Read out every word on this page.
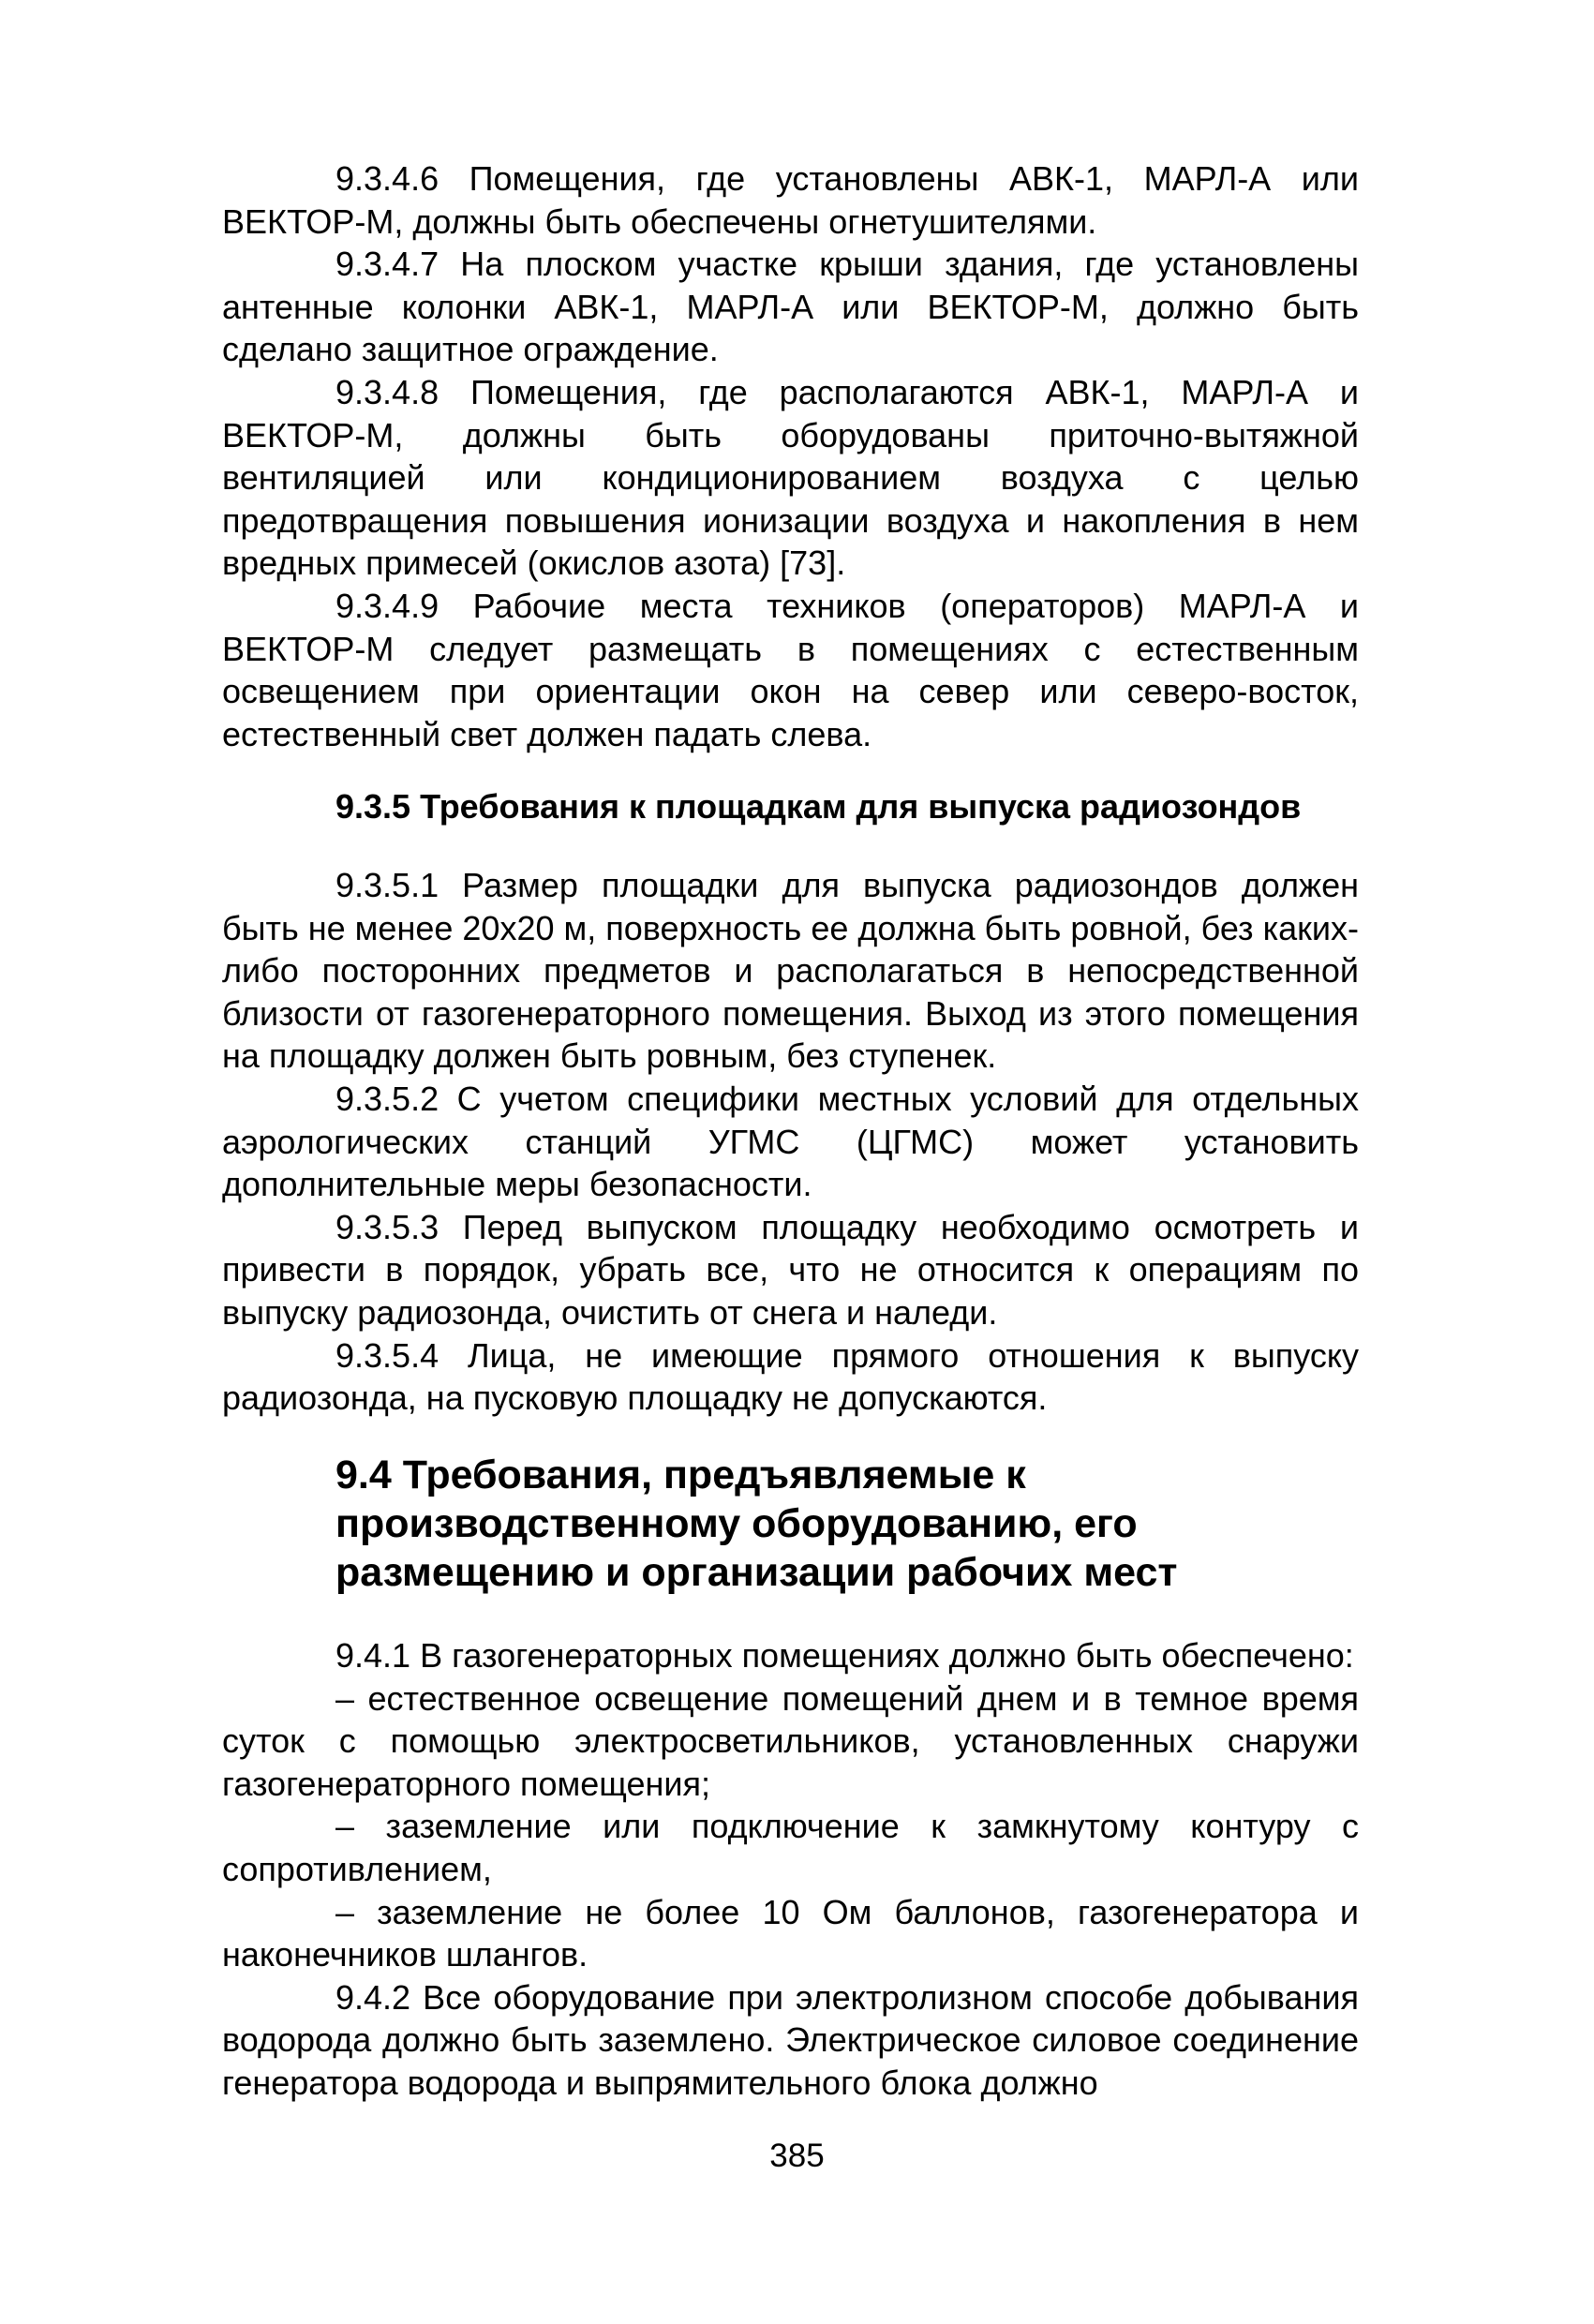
9.3.4.6 Помещения, где установлены АВК-1, МАРЛ-А или ВЕКТОР-М, должны быть обеспечены огнетушителями.

9.3.4.7 На плоском участке крыши здания, где установлены антенные колонки АВК-1, МАРЛ-А или ВЕКТОР-М, должно быть сделано защитное ограждение.

9.3.4.8 Помещения, где располагаются АВК-1, МАРЛ-А и ВЕКТОР-М, должны быть оборудованы приточно-вытяжной вентиляцией или кондиционированием воздуха с целью предотвращения повышения ионизации воздуха и накопления в нем вредных примесей (окислов азота) [73].

9.3.4.9 Рабочие места техников (операторов) МАРЛ-А и ВЕКТОР-М следует размещать в помещениях с естественным освещением при ориентации окон на север или северо-восток, естественный свет должен падать слева.

9.3.5 Требования к площадкам для выпуска радиозондов

9.3.5.1 Размер площадки для выпуска радиозондов должен быть не менее 20х20 м, поверхность ее должна быть ровной, без каких-либо посторонних предметов и располагаться в непосредственной близости от газогенераторного помещения. Выход из этого помещения на площадку должен быть ровным, без ступенек.

9.3.5.2 С учетом специфики местных условий для отдельных аэрологических станций УГМС (ЦГМС) может установить дополнительные меры безопасности.

9.3.5.3 Перед выпуском площадку необходимо осмотреть и привести в порядок, убрать все, что не относится к операциям по выпуску радиозонда, очистить от снега и наледи.

9.3.5.4 Лица, не имеющие прямого отношения к выпуску радиозонда, на пусковую площадку не допускаются.

9.4 Требования, предъявляемые к производственному оборудованию, его размещению и организации рабочих мест

9.4.1 В газогенераторных помещениях должно быть обеспечено:

– естественное освещение помещений днем и в темное время суток с помощью электросветильников, установленных снаружи газогенераторного помещения;

– заземление или подключение к замкнутому контуру с сопротивлением,

– заземление не более 10 Ом баллонов, газогенератора и наконечников шлангов.

9.4.2 Все оборудование при электролизном способе добывания водорода должно быть заземлено. Электрическое силовое соединение генератора водорода и выпрямительного блока должно

385
